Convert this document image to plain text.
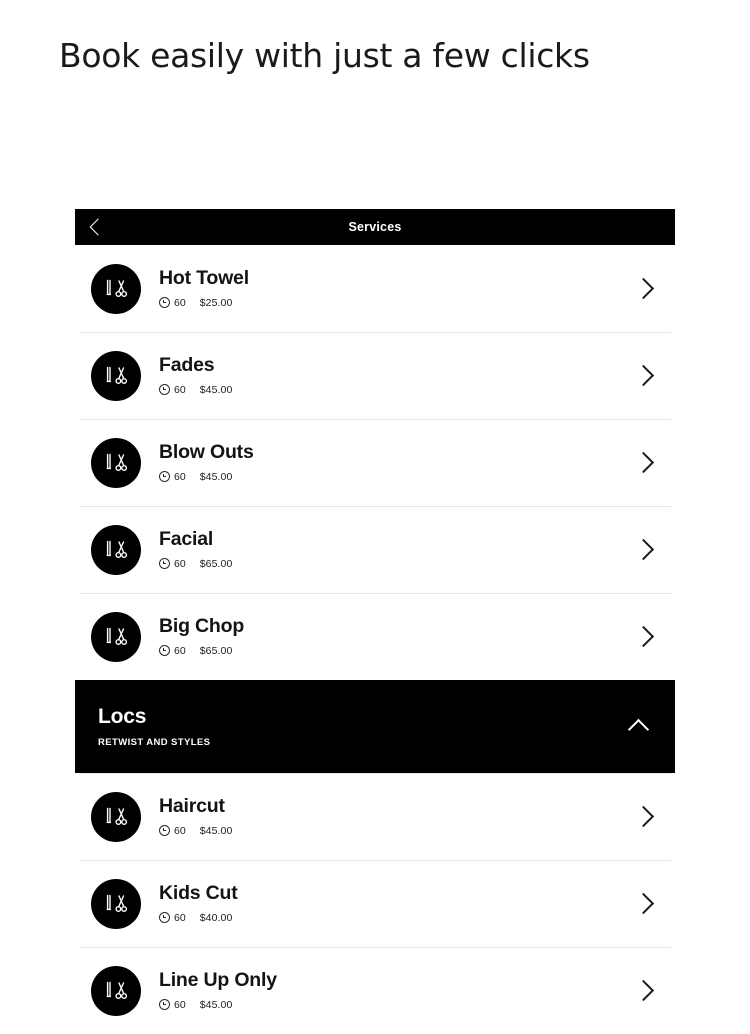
Book easily with just a few clicks
Services
Hot Towel
60 $25.00
Fades
60 $45.00
Blow Outs
60 $45.00
Facial
60 $65.00
Big Chop
60 $65.00
Locs
RETWIST AND STYLES
Haircut
60 $45.00
Kids Cut
60 $40.00
Line Up Only
60 $45.00
